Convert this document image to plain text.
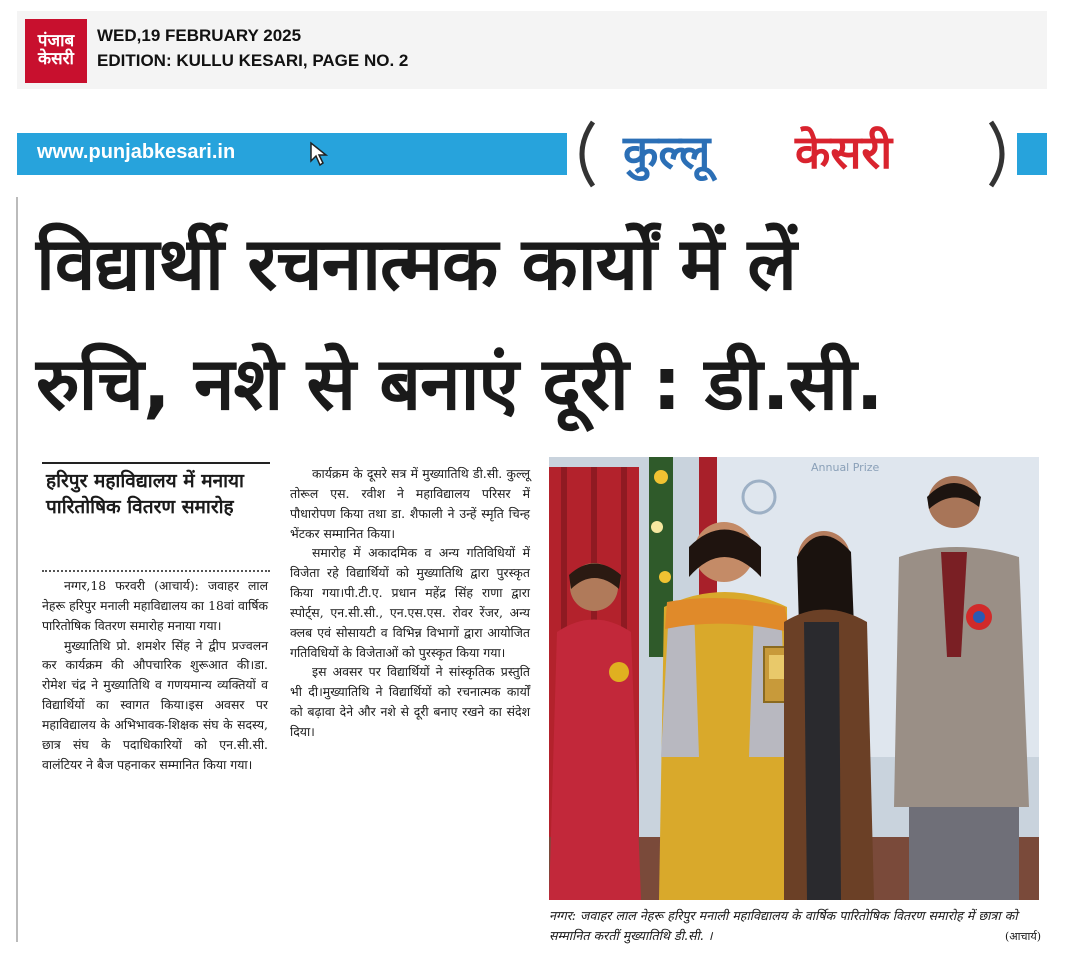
पंजाब
केसरी
WED,19 FEBRUARY 2025
EDITION: KULLU KESARI, PAGE NO. 2
www.punjabkesari.in	कुल्लू केसरी
विद्यार्थी रचनात्मक कार्यों में लें
रुचि, नशे से बनाएं दूरी : डी.सी.
हरिपुर महाविद्यालय में मनाया पारितोषिक वितरण समारोह

नग्गर,18 फरवरी (आचार्य): जवाहर लाल नेहरू हरिपुर मनाली महाविद्यालय का 18वां वार्षिक पारितोषिक वितरण समारोह मनाया गया।

मुख्यातिथि प्रो. शमशेर सिंह ने द्वीप प्रज्वलन कर कार्यक्रम की औपचारिक शुरूआत की।डा. रोमेश चंद्र ने मुख्यातिथि व गणयमान्य व्यक्तियों व विद्यार्थियों का स्वागत किया।इस अवसर पर महाविद्यालय के अभिभावक-शिक्षक संघ के सदस्य, छात्र संघ के पदाधिकारियों को एन.सी.सी. वालंटियर ने बैज पहनाकर सम्मानित किया गया।

कार्यक्रम के दूसरे सत्र में मुख्यातिथि डी.सी. कुल्लू तोरूल एस. रवीश ने महाविद्यालय परिसर में पौधारोपण किया तथा डा. शैफाली ने उन्हें स्मृति चिन्ह भेंटकर सम्मानित किया।

समारोह में अकादमिक व अन्य गतिविधियों में विजेता रहे विद्यार्थियों को मुख्यातिथि द्वारा पुरस्कृत किया गया।पी.टी.ए. प्रधान महेंद्र सिंह राणा द्वारा स्पोर्ट्स, एन.सी.सी., एन.एस.एस. रोवर रेंजर, अन्य क्लब एवं सोसायटी व विभिन्न विभागों द्वारा आयोजित गतिविधियों के विजेताओं को पुरस्कृत किया गया।

इस अवसर पर विद्यार्थियों ने सांस्कृतिक प्रस्तुति भी दी।मुख्यातिथि ने विद्यार्थियों को रचनात्मक कार्यों को बढ़ावा देने और नशे से दूरी बनाए रखने का संदेश दिया।

Annual Prize
नग्गर: जवाहर लाल नेहरू हरिपुर मनाली महाविद्यालय के वार्षिक पारितोषिक वितरण समारोह में छात्रा को सम्मानित करतीं मुख्यातिथि डी.सी. ।	(आचार्य)
